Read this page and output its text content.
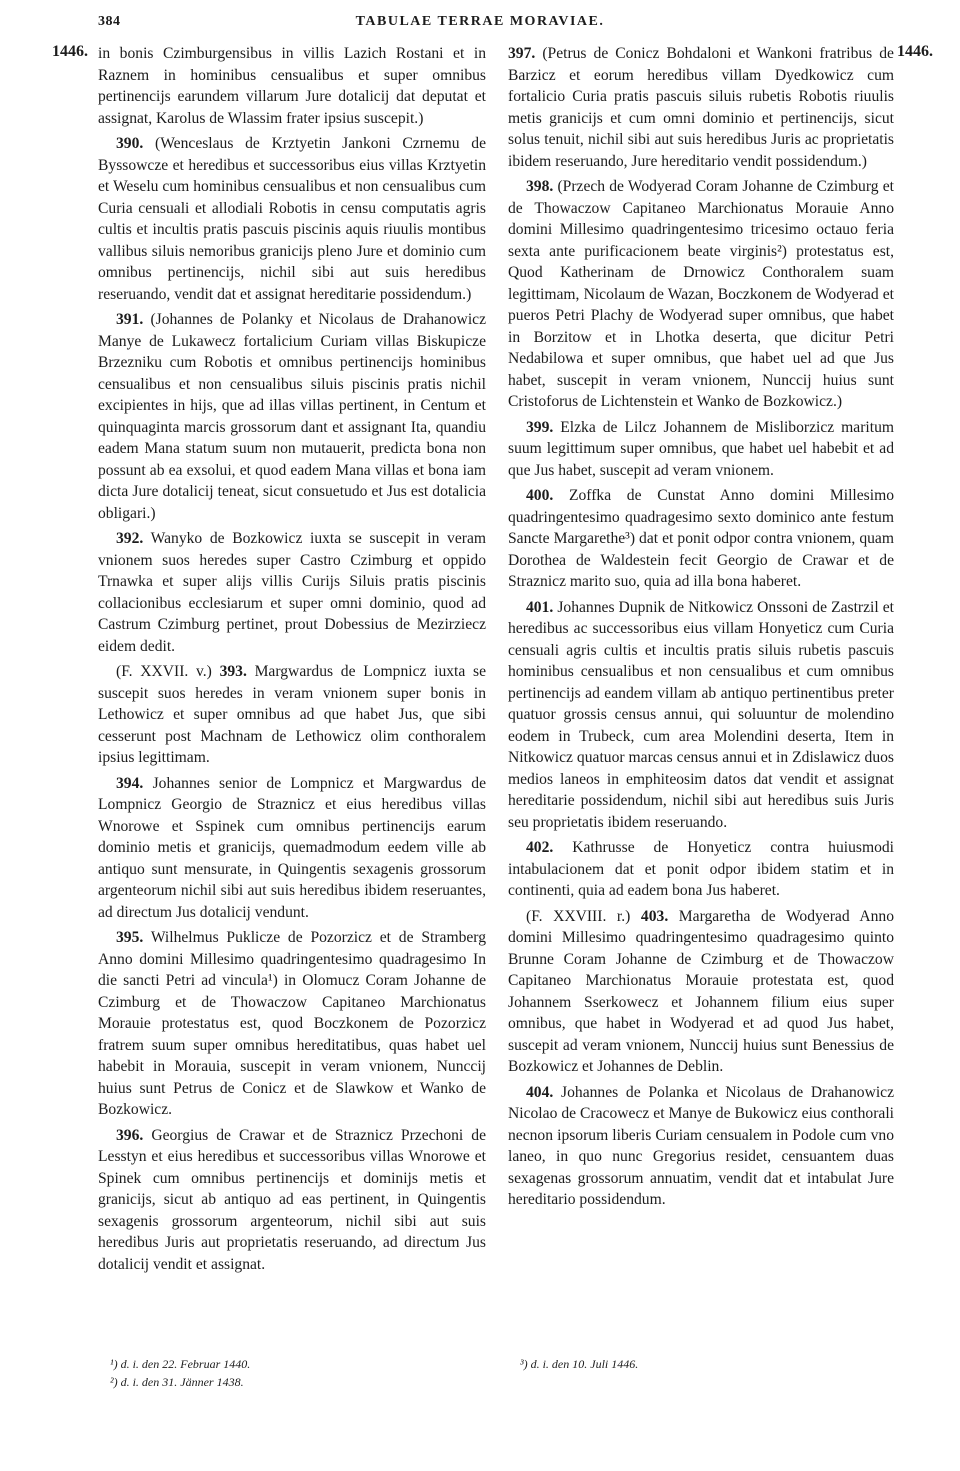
384	TABULAE TERRAE MORAVIAE.
1446.	1446.

in bonis Czimburgensibus in villis Lazich Rostani et in Raznem in hominibus censualibus et super omnibus pertinencijs earundem villarum Jure dotalicij dat deputat et assignat, Karolus de Wlassim frater ipsius suscepit.)

390. (Wenceslaus de Krztyetin Jankoni Czrnemu de Byssowcze et heredibus et successoribus eius villas Krztyetin et Weselu cum hominibus censualibus et non censualibus cum Curia censuali et allodiali Robotis in censu computatis agris cultis et incultis pratis pascuis piscinis aquis riuulis montibus vallibus siluis nemoribus granicijs pleno Jure et dominio cum omnibus pertinencijs, nichil sibi aut suis heredibus reseruando, vendit dat et assignat hereditarie possidendum.)

391. (Johannes de Polanky et Nicolaus de Drahanowicz Manye de Lukawecz fortalicium Curiam villas Biskupicze Brzezniku cum Robotis et omnibus pertinencijs hominibus censualibus et non censualibus siluis piscinis pratis nichil excipientes in hijs, que ad illas villas pertinent, in Centum et quinquaginta marcis grossorum dant et assignant Ita, quandiu eadem Mana statum suum non mutauerit, predicta bona non possunt ab ea exsolui, et quod eadem Mana villas et bona iam dicta Jure dotalicij teneat, sicut consuetudo et Jus est dotalicia obligari.)

392. Wanyko de Bozkowicz iuxta se suscepit in veram vnionem suos heredes super Castro Czimburg et oppido Trnawka et super alijs villis Curijs Siluis pratis piscinis collacionibus ecclesiarum et super omni dominio, quod ad Castrum Czimburg pertinet, prout Dobessius de Mezirziecz eidem dedit.

(F. XXVII. v.) 393. Margwardus de Lompnicz iuxta se suscepit suos heredes in veram vnionem super bonis in Lethowicz et super omnibus ad que habet Jus, que sibi cesserunt post Machnam de Lethowicz olim conthoralem ipsius legittimam.

394. Johannes senior de Lompnicz et Margwardus de Lompnicz Georgio de Straznicz et eius heredibus villas Wnorowe et Sspinek cum omnibus pertinencijs earum dominio metis et granicijs, quemadmodum eedem ville ab antiquo sunt mensurate, in Quingentis sexagenis grossorum argenteorum nichil sibi aut suis heredibus ibidem reseruantes, ad directum Jus dotalicij vendunt.

395. Wilhelmus Puklicze de Pozorzicz et de Stramberg Anno domini Millesimo quadringentesimo quadragesimo In die sancti Petri ad vincula¹) in Olomucz Coram Johanne de Czimburg et de Thowaczow Capitaneo Marchionatus Morauie protestatus est, quod Boczkonem de Pozorzicz fratrem suum super omnibus hereditatibus, quas habet uel habebit in Morauia, suscepit in veram vnionem, Nunccij huius sunt Petrus de Conicz et de Slawkow et Wanko de Bozkowicz.

396. Georgius de Crawar et de Straznicz Przechoni de Lesstyn et eius heredibus et successoribus villas Wnorowe et Spinek cum omnibus pertinencijs et dominijs metis et granicijs, sicut ab antiquo ad eas pertinent, in Quingentis sexagenis grossorum argenteorum, nichil sibi aut suis heredibus Juris aut proprietatis reseruando, ad directum Jus dotalicij vendit et assignat.

397. (Petrus de Conicz Bohdaloni et Wankoni fratribus de Barzicz et eorum heredibus villam Dyedkowicz cum fortalicio Curia pratis pascuis siluis rubetis Robotis riuulis metis granicijs et cum omni dominio et pertinencijs, sicut solus tenuit, nichil sibi aut suis heredibus Juris ac proprietatis ibidem reseruando, Jure hereditario vendit possidendum.)

398. (Przech de Wodyerad Coram Johanne de Czimburg et de Thowaczow Capitaneo Marchionatus Morauie Anno domini Millesimo quadringentesimo tricesimo octauo feria sexta ante purificacionem beate virginis²) protestatus est, Quod Katherinam de Drnowicz Conthoralem suam legittimam, Nicolaum de Wazan, Boczkonem de Wodyerad et pueros Petri Plachy de Wodyerad super omnibus, que habet in Borzitow et in Lhotka deserta, que dicitur Petri Nedabilowa et super omnibus, que habet uel ad que Jus habet, suscepit in veram vnionem, Nunccij huius sunt Cristoforus de Lichtenstein et Wanko de Bozkowicz.)

399. Elzka de Lilcz Johannem de Misliborzicz maritum suum legittimum super omnibus, que habet uel habebit et ad que Jus habet, suscepit ad veram vnionem.

400. Zoffka de Cunstat Anno domini Millesimo quadringentesimo quadragesimo sexto dominico ante festum Sancte Margarethe³) dat et ponit odpor contra vnionem, quam Dorothea de Waldestein fecit Georgio de Crawar et de Straznicz marito suo, quia ad illa bona haberet.

401. Johannes Dupnik de Nitkowicz Onssoni de Zastrzil et heredibus ac successoribus eius villam Honyeticz cum Curia censuali agris cultis et incultis pratis siluis rubetis pascuis hominibus censualibus et non censualibus et cum omnibus pertinencijs ad eandem villam ab antiquo pertinentibus preter quatuor grossis census annui, qui soluuntur de molendino eodem in Trubeck, cum area Molendini deserta, Item in Nitkowicz quatuor marcas census annui et in Zdislawicz duos medios laneos in emphiteosim datos dat vendit et assignat hereditarie possidendum, nichil sibi aut heredibus suis Juris seu proprietatis ibidem reseruando.

402. Kathrusse de Honyeticz contra huiusmodi intabulacionem dat et ponit odpor ibidem statim et in continenti, quia ad eadem bona Jus haberet.

(F. XXVIII. r.) 403. Margaretha de Wodyerad Anno domini Millesimo quadringentesimo quadragesimo quinto Brunne Coram Johanne de Czimburg et de Thowaczow Capitaneo Marchionatus Morauie protestata est, quod Johannem Sserkowecz et Johannem filium eius super omnibus, que habet in Wodyerad et ad quod Jus habet, suscepit ad veram vnionem, Nunccij huius sunt Benessius de Bozkowicz et Johannes de Deblin.

404. Johannes de Polanka et Nicolaus de Drahanowicz Nicolao de Cracowecz et Manye de Bukowicz eius conthorali necnon ipsorum liberis Curiam censualem in Podole cum vno laneo, in quo nunc Gregorius residet, censuantem duas sexagenas grossorum annuatim, vendit dat et intabulat Jure hereditario possidendum.

¹) d. i. den 22. Februar 1440.
²) d. i. den 31. Jänner 1438.
³) d. i. den 10. Juli 1446.
